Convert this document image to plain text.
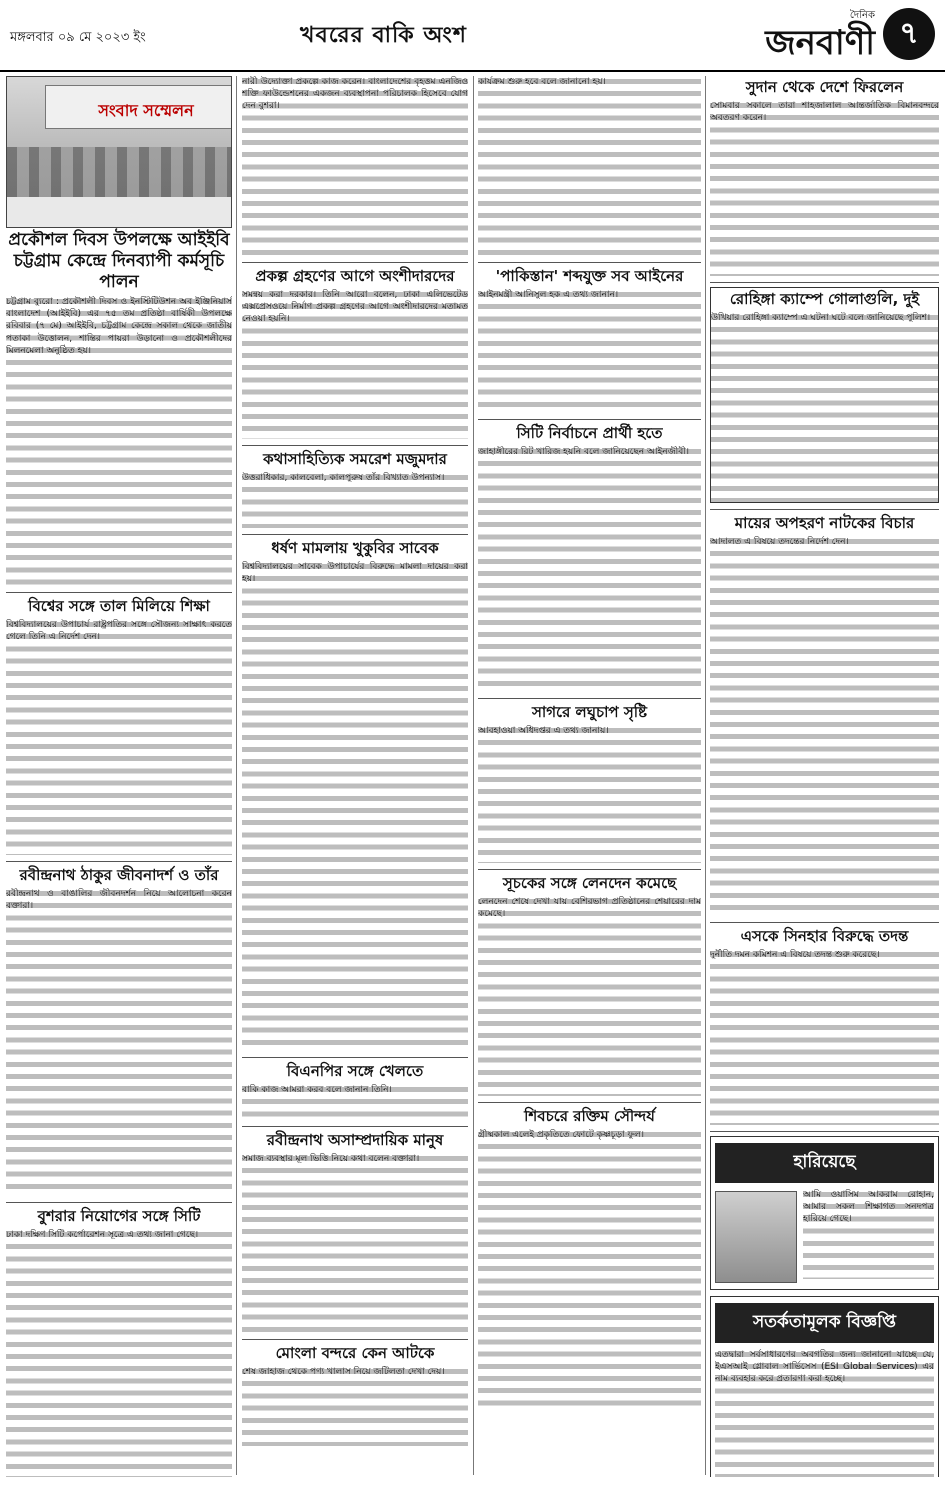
মঙ্গলবার ০৯ মে ২০২৩ ইং	খবরের বাকি অংশ
দৈনিক
জনবাণী ৭
সংবাদ সম্মেলন
প্রকৌশল দিবস উপলক্ষে আইইবি চট্টগ্রাম কেন্দ্রে দিনব্যাপী কর্মসূচি পালন
চট্টগ্রাম ব্যুরো : প্রকৌশলী দিবস ও ইনস্টিটিউশন অব ইঞ্জিনিয়ার্স বাংলাদেশ (আইইবি) এর ৭৫ তম প্রতিষ্ঠা বার্ষিকী উপলক্ষে রবিবার (৭ মে) আইইবি, চট্টগ্রাম কেন্দ্রে সকাল থেকে জাতীয় পতাকা উত্তোলন, শান্তির পায়রা উড়ানো ও প্রকৌশলীদের মিলনমেলা অনুষ্ঠিত হয়।
বিশ্বের সঙ্গে তাল মিলিয়ে শিক্ষা
বিশ্ববিদ্যালয়ের উপাচার্য রাষ্ট্রপতির সঙ্গে সৌজন্য সাক্ষাৎ করতে গেলে তিনি এ নির্দেশ দেন।
রবীন্দ্রনাথ ঠাকুর জীবনাদর্শ ও তাঁর
রবীন্দ্রনাথ ও বাঙালির জীবনদর্শন নিয়ে আলোচনা করেন বক্তারা।
বুশরার নিয়োগের সঙ্গে সিটি
ঢাকা দক্ষিণ সিটি কর্পোরেশন সূত্রে এ তথ্য জানা গেছে।
নারী উদ্যোক্তা প্রকল্পে কাজ করেন। বাংলাদেশের বৃহত্তম এনজিও শক্তি ফাউন্ডেশনের একজন ব্যবস্থাপনা পরিচালক হিসেবে যোগ দেন বুশরা।
প্রকল্প গ্রহণের আগে অংশীদারদের
সমন্বয় করা দরকার। তিনি আরো বলেন, ঢাকা এলিভেটেড এক্সপ্রেসওয়ে নির্মাণ প্রকল্প গ্রহণের আগে অংশীদারদের মতামত নেওয়া হয়নি।
কথাসাহিত্যিক সমরেশ মজুমদার
উত্তরাধিকার, কালবেলা, কালপুরুষ তাঁর বিখ্যাত উপন্যাস।
ধর্ষণ মামলায় খুকুবির সাবেক
বিশ্ববিদ্যালয়ের সাবেক উপাচার্যের বিরুদ্ধে মামলা দায়ের করা হয়।
বিএনপির সঙ্গে খেলতে
বাকি কাজ আমরা করব বলে জানান তিনি।
রবীন্দ্রনাথ অসাম্প্রদায়িক মানুষ
সমাজ ব্যবস্থার মূল ভিত্তি নিয়ে কথা বলেন বক্তারা।
মোংলা বন্দরে কেন আটকে
শেষ জাহাজ থেকে পণ্য খালাস নিয়ে জটিলতা দেখা দেয়।
কার্যক্রম শুরু হবে বলে জানানো হয়।
'পাকিস্তান' শব্দযুক্ত সব আইনের
আইনমন্ত্রী আনিসুল হক এ তথ্য জানান।
সিটি নির্বাচনে প্রার্থী হতে
জাহাঙ্গীরের রিট খারিজ হয়নি বলে জানিয়েছেন আইনজীবী।
সাগরে লঘুচাপ সৃষ্টি
আবহাওয়া অধিদপ্তর এ তথ্য জানায়।
সূচকের সঙ্গে লেনদেন কমেছে
লেনদেন শেষে দেখা যায় বেশিরভাগ প্রতিষ্ঠানের শেয়ারের দাম কমেছে।
শিবচরে রক্তিম সৌন্দর্য
গ্রীষ্মকাল এলেই প্রকৃতিতে ফোটে কৃষ্ণচূড়া ফুল।
সুদান থেকে দেশে ফিরলেন
সোমবার সকালে তারা শাহজালাল আন্তর্জাতিক বিমানবন্দরে অবতরণ করেন।
রোহিঙ্গা ক্যাম্পে গোলাগুলি, দুই
উখিয়ার রোহিঙ্গা ক্যাম্পে এ ঘটনা ঘটে বলে জানিয়েছে পুলিশ।
মায়ের অপহরণ নাটকের বিচার
আদালত এ বিষয়ে তদন্তের নির্দেশ দেন।
এসকে সিনহার বিরুদ্ধে তদন্ত
দুর্নীতি দমন কমিশন এ বিষয়ে তদন্ত শুরু করেছে।
হারিয়েছে
আমি ওয়াসিম আকরাম রোহান, আমার সকল শিক্ষাগত সনদপত্র হারিয়ে গেছে।
সতর্কতামূলক বিজ্ঞপ্তি
এতদ্বারা সর্বসাধারণের অবগতির জন্য জানানো যাচ্ছে যে, ইএসআই গ্লোবাল সার্ভিসেস (ESI Global Services) এর নাম ব্যবহার করে প্রতারণা করা হচ্ছে।
